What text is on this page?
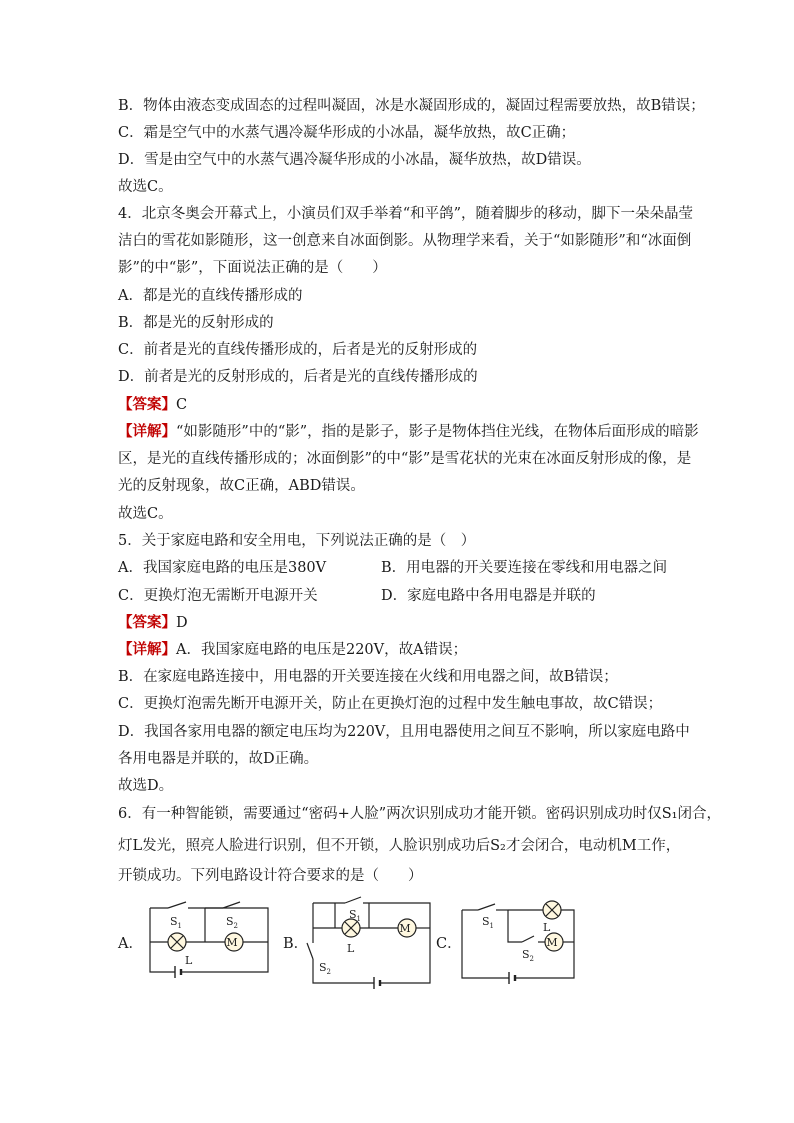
B．物体由液态变成固态的过程叫凝固，冰是水凝固形成的，凝固过程需要放热，故B错误；
C．霜是空气中的水蒸气遇冷凝华形成的小冰晶，凝华放热，故C正确；
D．雪是由空气中的水蒸气遇冷凝华形成的小冰晶，凝华放热，故D错误。
故选C。
4．北京冬奥会开幕式上，小演员们双手举着“和平鸽”，随着脚步的移动，脚下一朵朵晶莹
洁白的雪花如影随形，这一创意来自冰面倒影。从物理学来看，关于“如影随形”和“冰面倒
影”的中“影”，下面说法正确的是（　　）
A．都是光的直线传播形成的
B．都是光的反射形成的
C．前者是光的直线传播形成的，后者是光的反射形成的
D．前者是光的反射形成的，后者是光的直线传播形成的
【答案】C
【详解】“如影随形”中的“影”，指的是影子，影子是物体挡住光线，在物体后面形成的暗影
区，是光的直线传播形成的；冰面倒影”的中“影”是雪花状的光束在冰面反射形成的像，是
光的反射现象，故C正确，ABD错误。
故选C。
5．关于家庭电路和安全用电，下列说法正确的是（　）
A．我国家庭电路的电压是380V	B．用电器的开关要连接在零线和用电器之间
C．更换灯泡无需断开电源开关	D．家庭电路中各用电器是并联的
【答案】D
【详解】A．我国家庭电路的电压是220V，故A错误；
B．在家庭电路连接中，用电器的开关要连接在火线和用电器之间，故B错误；
C．更换灯泡需先断开电源开关，防止在更换灯泡的过程中发生触电事故，故C错误；
D．我国各家用电器的额定电压均为220V，且用电器使用之间互不影响，所以家庭电路中
各用电器是并联的，故D正确。
故选D。
6．有一种智能锁，需要通过“密码+人脸”两次识别成功才能开锁。密码识别成功时仅S₁闭合，
灯L发光，照亮人脸进行识别，但不开锁，人脸识别成功后S₂才会闭合，电动机M工作，
开锁成功。下列电路设计符合要求的是（　　）
A．	M
$S_1$	$S_2$
L
B．
M
$S_1$
$S_2$
L	C．	M
$S_1$
$S_2$
L
